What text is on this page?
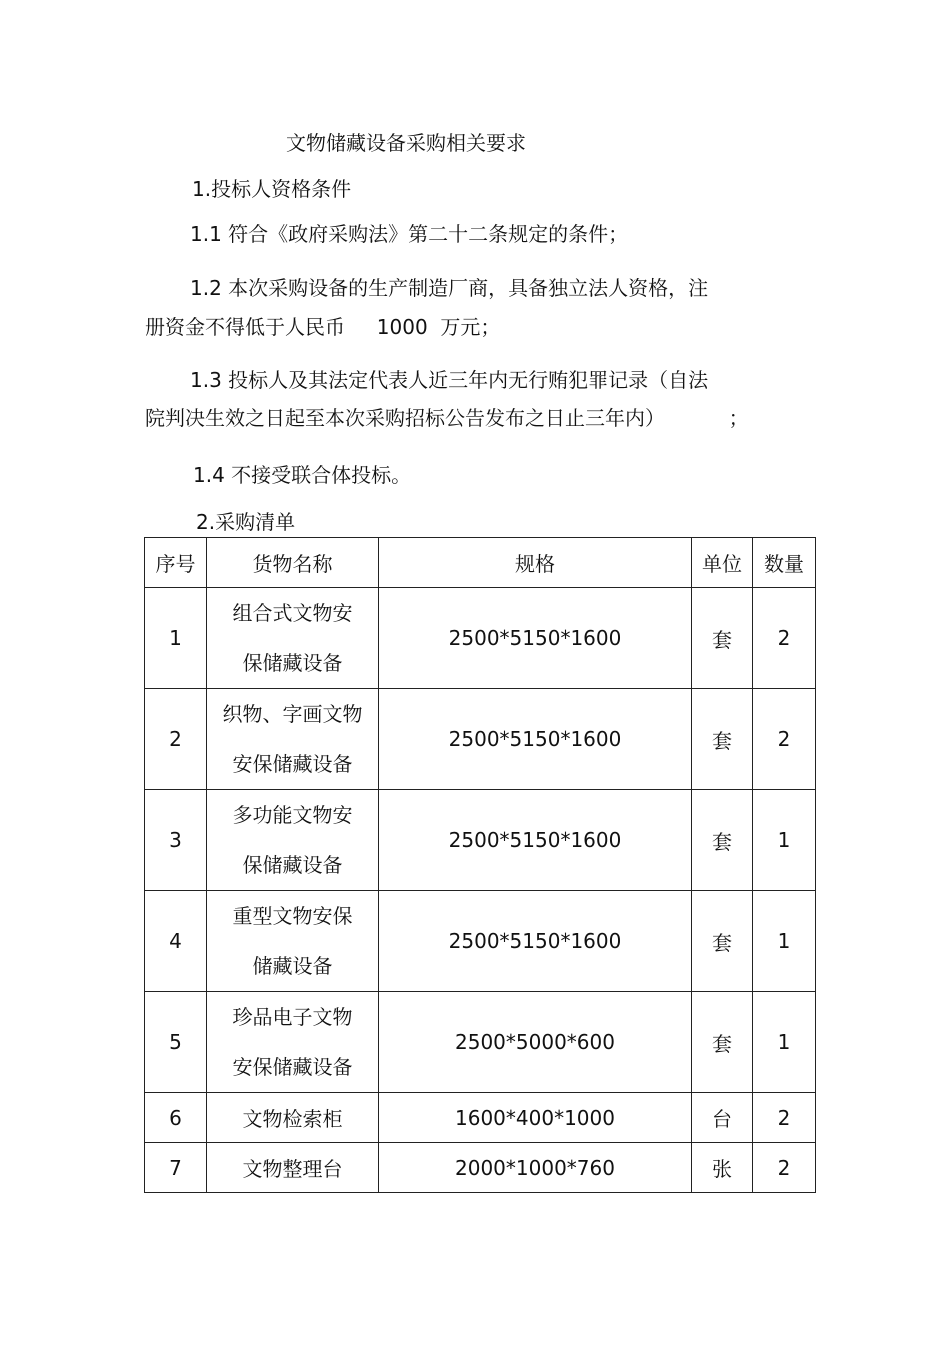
文物储藏设备采购相关要求
1.投标人资格条件
1.1 符合《政府采购法》第二十二条规定的条件；
1.2 本次采购设备的生产制造厂商，具备独立法人资格，注
册资金不得低于人民币     1000  万元；
1.3 投标人及其法定代表人近三年内无行贿犯罪记录（自法
院判决生效之日起至本次采购招标公告发布之日止三年内）          ；
1.4 不接受联合体投标。
2.采购清单
序号	货物名称	规格	单位	数量
1	组合式文物安
保储藏设备	2500*5150*1600	套	2
2	织物、字画文物
安保储藏设备	2500*5150*1600	套	2
3	多功能文物安
保储藏设备	2500*5150*1600	套	1
4	重型文物安保
储藏设备	2500*5150*1600	套	1
5	珍品电子文物
安保储藏设备	2500*5000*600	套	1
6	文物检索柜	1600*400*1000	台	2
7	文物整理台	2000*1000*760	张	2
